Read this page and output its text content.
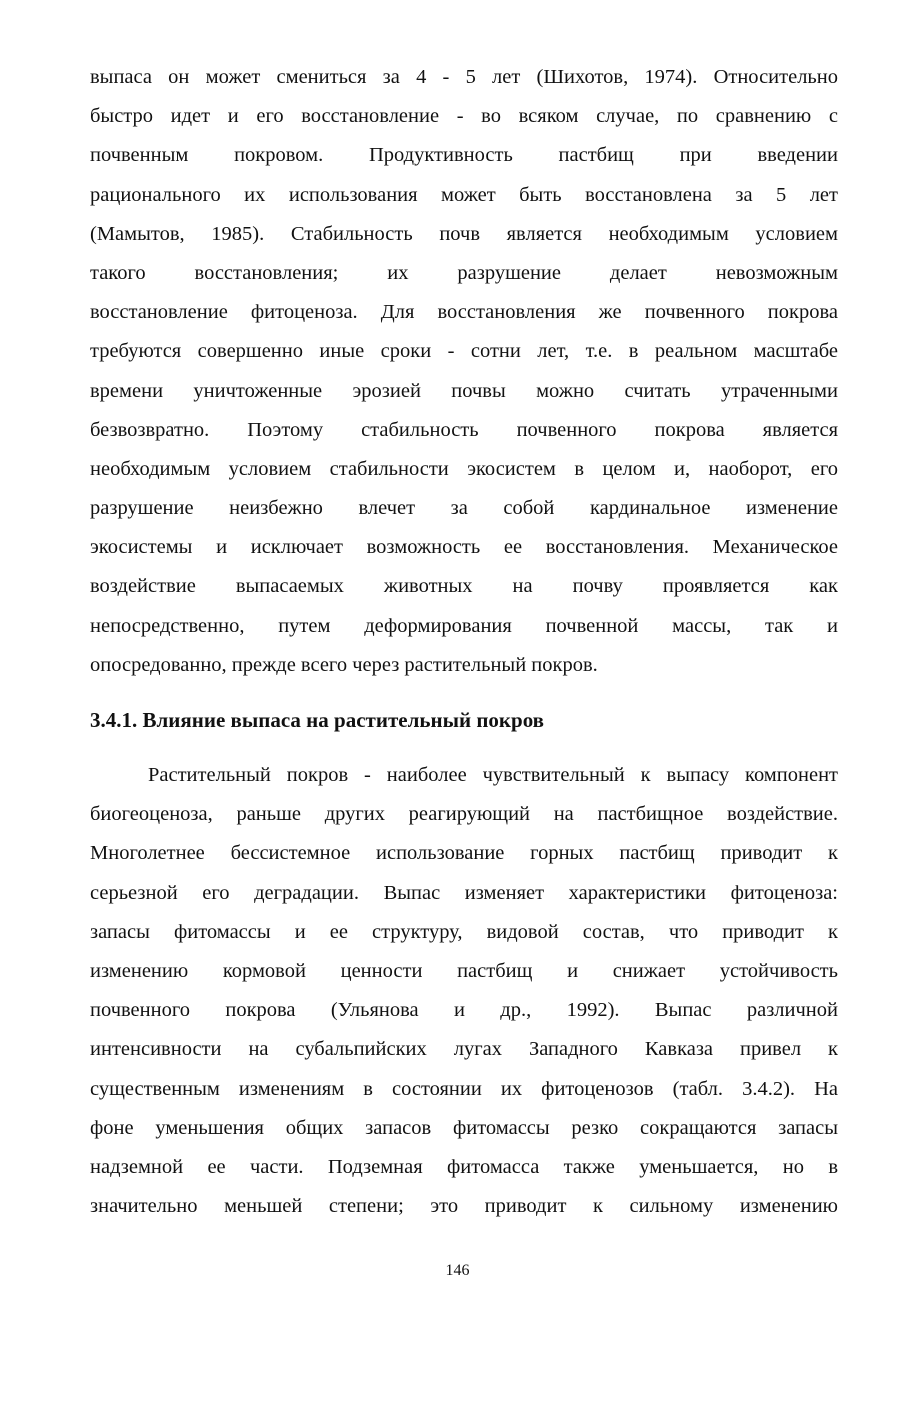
выпаса он может смениться за 4 - 5 лет (Шихотов, 1974). Относительно
быстро идет и его восстановление - во всяком случае, по сравнению с
почвенным покровом. Продуктивность пастбищ при введении
рационального их использования может быть восстановлена за 5 лет
(Мамытов, 1985). Стабильность почв является необходимым условием
такого восстановления; их разрушение делает невозможным
восстановление фитоценоза. Для восстановления же почвенного покрова
требуются совершенно иные сроки - сотни лет, т.е. в реальном масштабе
времени уничтоженные эрозией почвы можно считать утраченными
безвозвратно. Поэтому стабильность почвенного покрова является
необходимым условием стабильности экосистем в целом и, наоборот, его
разрушение неизбежно влечет за собой кардинальное изменение
экосистемы и исключает возможность ее восстановления. Механическое
воздействие выпасаемых животных на почву проявляется как
непосредственно, путем деформирования почвенной массы, так и
опосредованно, прежде всего через растительный покров.
3.4.1. Влияние выпаса на растительный покров
Растительный покров - наиболее чувствительный к выпасу компонент
биогеоценоза, раньше других реагирующий на пастбищное воздействие.
Многолетнее бессистемное использование горных пастбищ приводит к
серьезной его деградации. Выпас изменяет характеристики фитоценоза:
запасы фитомассы и ее структуру, видовой состав, что приводит к
изменению кормовой ценности пастбищ и снижает устойчивость
почвенного покрова (Ульянова и др., 1992). Выпас различной
интенсивности на субальпийских лугах Западного Кавказа привел к
существенным изменениям в состоянии их фитоценозов (табл. 3.4.2). На
фоне уменьшения общих запасов фитомассы резко сокращаются запасы
надземной ее части. Подземная фитомасса также уменьшается, но в
значительно меньшей степени; это приводит к сильному изменению
146
